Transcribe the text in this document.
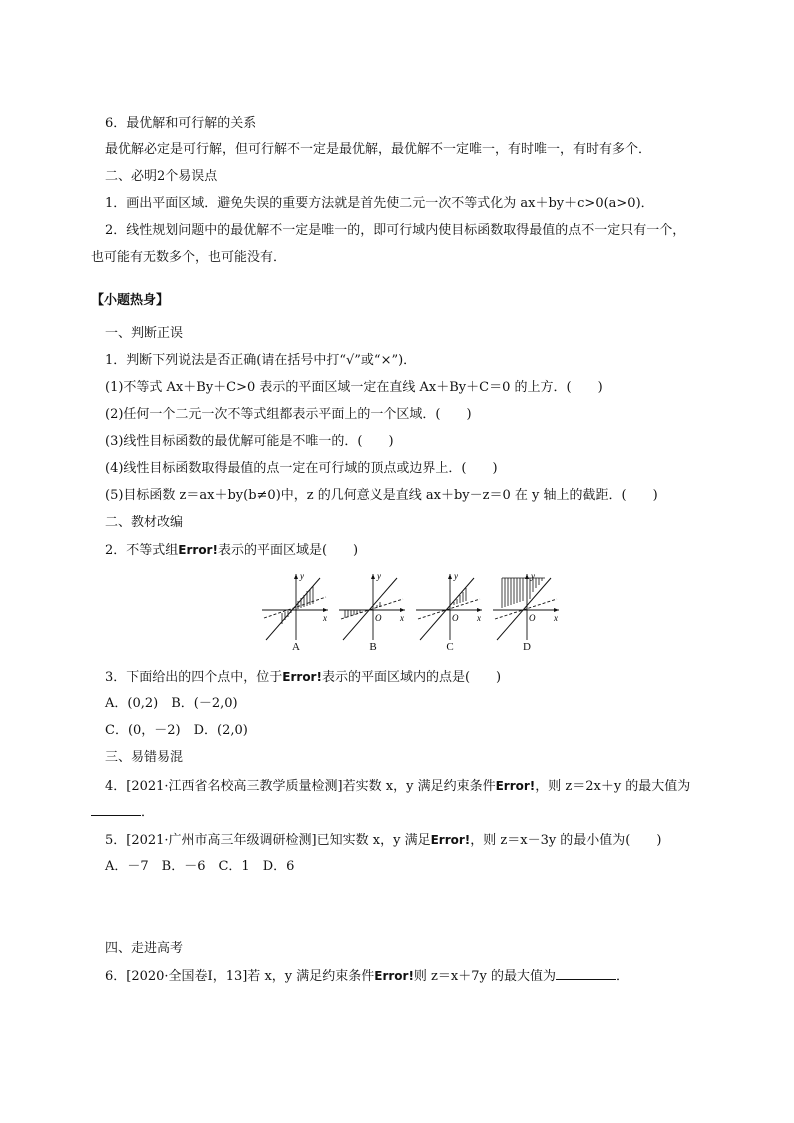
6．最优解和可行解的关系
最优解必定是可行解，但可行解不一定是最优解，最优解不一定唯一，有时唯一，有时有多个．
二、必明2个易误点
1．画出平面区域．避免失误的重要方法就是首先使二元一次不等式化为 ax＋by＋c>0(a>0)．
2．线性规划问题中的最优解不一定是唯一的，即可行域内使目标函数取得最值的点不一定只有一个，
也可能有无数多个，也可能没有．
【小题热身】
一、判断正误
1．判断下列说法是否正确(请在括号中打“√”或“×”)．
(1)不等式 Ax＋By＋C>0 表示的平面区域一定在直线 Ax＋By＋C＝0 的上方．(　　)
(2)任何一个二元一次不等式组都表示平面上的一个区域．(　　)
(3)线性目标函数的最优解可能是不唯一的．(　　)
(4)线性目标函数取得最值的点一定在可行域的顶点或边界上．(　　)
(5)目标函数 z＝ax＋by(b≠0)中，z 的几何意义是直线 ax＋by－z＝0 在 y 轴上的截距．(　　)
二、教材改编
2．不等式组Error!表示的平面区域是(　　)
x
y
A
x
y
O
B
x
y
O
C
x
y
O
D
3．下面给出的四个点中，位于Error!表示的平面区域内的点是(　　)
A．(0,2)　B．(－2,0)
C．(0，－2)　D．(2,0)
三、易错易混
4．[2021·江西省名校高三教学质量检测]若实数 x，y 满足约束条件Error!，则 z＝2x＋y 的最大值为
．
5．[2021·广州市高三年级调研检测]已知实数 x，y 满足Error!，则 z＝x－3y 的最小值为(　　)
A．－7　B．－6　C．1　D．6
四、走进高考
6．[2020·全国卷Ⅰ，13]若 x，y 满足约束条件Error!则 z＝x＋7y 的最大值为	．
